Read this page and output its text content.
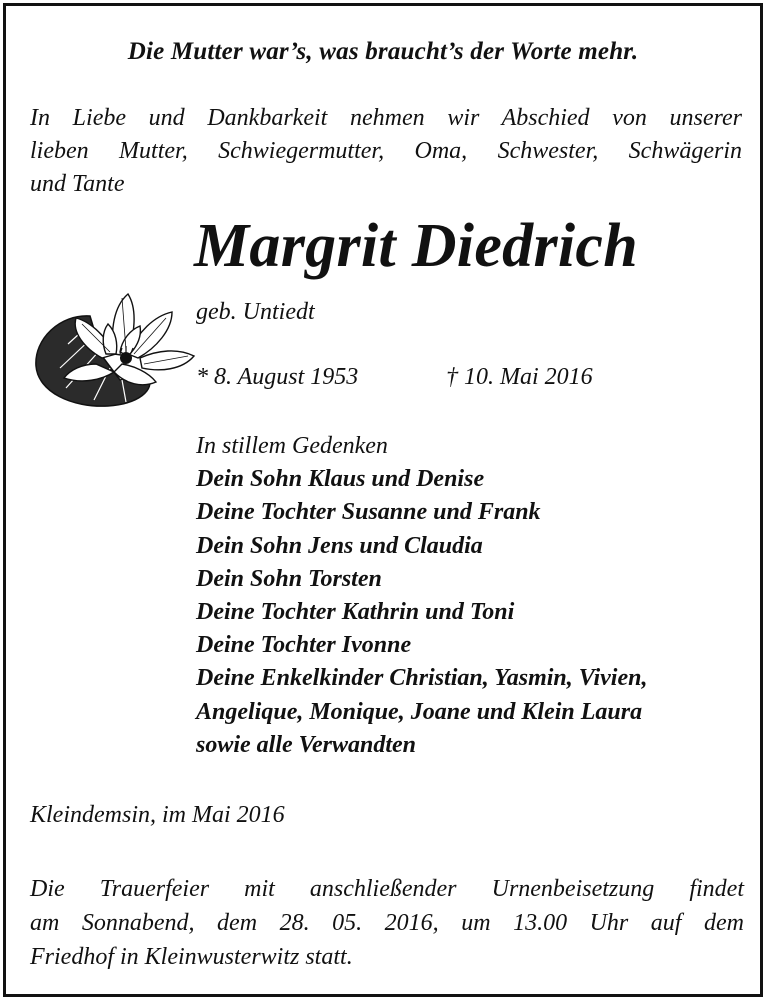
Die Mutter war’s, was braucht’s der Worte mehr.
In Liebe und Dankbarkeit nehmen wir Abschied von unserer
lieben Mutter, Schwiegermutter, Oma, Schwester, Schwägerin
und Tante
Margrit Diedrich
geb. Untiedt
* 8. August 1953	† 10. Mai 2016
In stillem Gedenken
Dein Sohn Klaus und Denise
Deine Tochter Susanne und Frank
Dein Sohn Jens und Claudia
Dein Sohn Torsten
Deine Tochter Kathrin und Toni
Deine Tochter Ivonne
Deine Enkelkinder Christian, Yasmin, Vivien,
Angelique, Monique, Joane und Klein Laura
sowie alle Verwandten
Kleindemsin, im Mai 2016
Die Trauerfeier mit anschließender Urnenbeisetzung findet
am Sonnabend, dem 28. 05. 2016, um 13.00 Uhr auf dem
Friedhof in Kleinwusterwitz statt.
